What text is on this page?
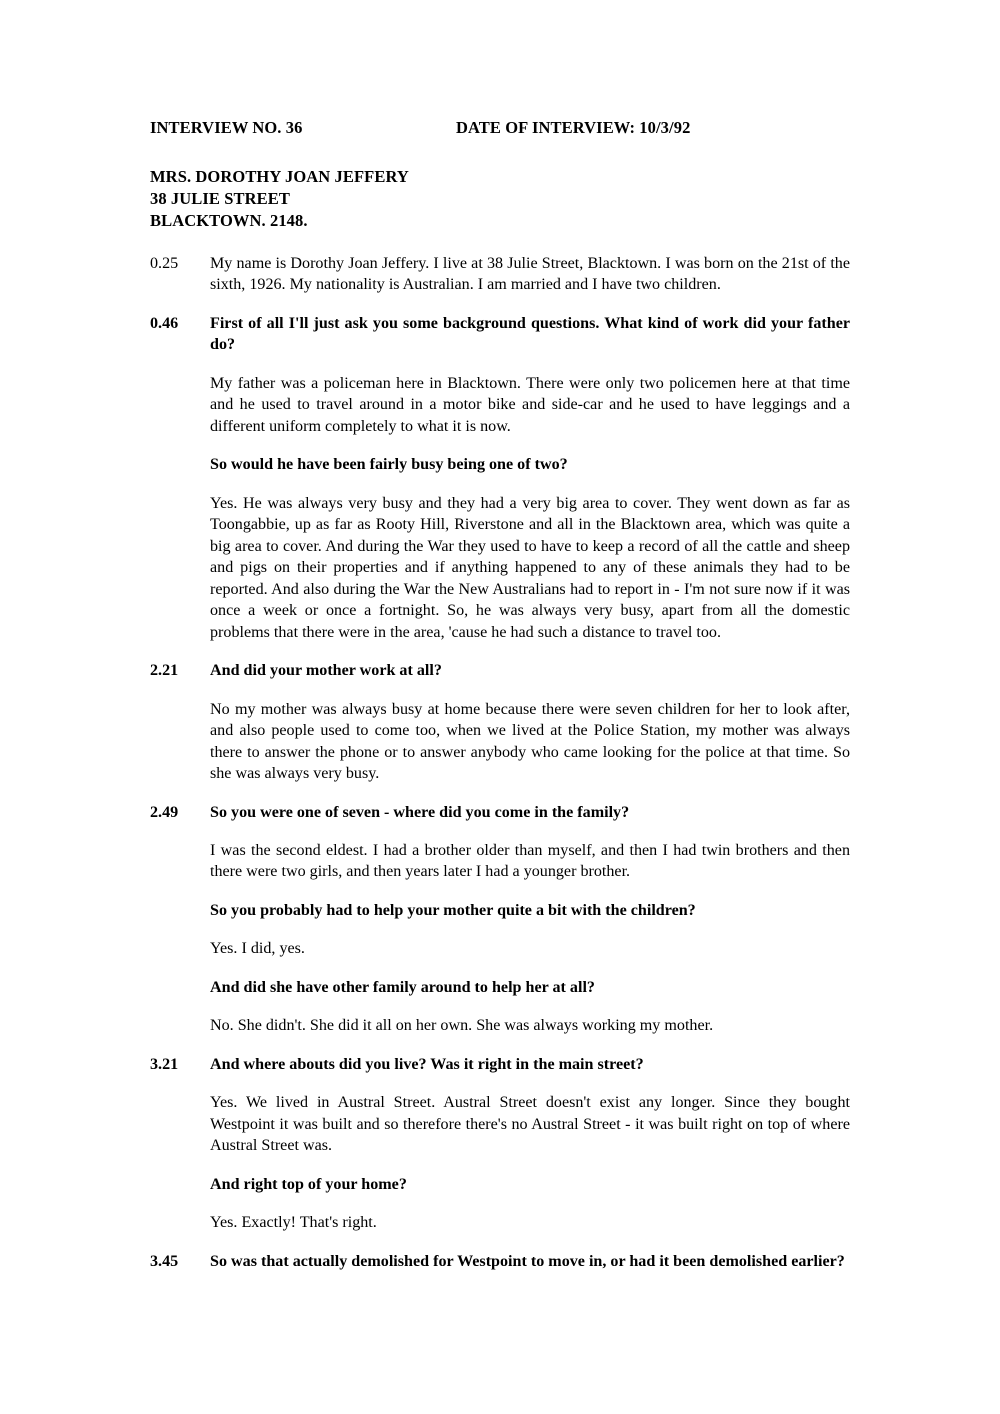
INTERVIEW NO. 36	DATE OF INTERVIEW: 10/3/92
MRS. DOROTHY JOAN JEFFERY
38 JULIE STREET
BLACKTOWN. 2148.
0.25	My name is Dorothy Joan Jeffery. I live at 38 Julie Street, Blacktown. I was born on the 21st of the sixth, 1926. My nationality is Australian. I am married and I have two children.
0.46	First of all I'll just ask you some background questions. What kind of work did your father do?
My father was a policeman here in Blacktown. There were only two policemen here at that time and he used to travel around in a motor bike and side-car and he used to have leggings and a different uniform completely to what it is now.
So would he have been fairly busy being one of two?
Yes. He was always very busy and they had a very big area to cover. They went down as far as Toongabbie, up as far as Rooty Hill, Riverstone and all in the Blacktown area, which was quite a big area to cover. And during the War they used to have to keep a record of all the cattle and sheep and pigs on their properties and if anything happened to any of these animals they had to be reported. And also during the War the New Australians had to report in - I'm not sure now if it was once a week or once a fortnight. So, he was always very busy, apart from all the domestic problems that there were in the area, 'cause he had such a distance to travel too.
2.21	And did your mother work at all?
No my mother was always busy at home because there were seven children for her to look after, and also people used to come too, when we lived at the Police Station, my mother was always there to answer the phone or to answer anybody who came looking for the police at that time. So she was always very busy.
2.49	So you were one of seven - where did you come in the family?
I was the second eldest. I had a brother older than myself, and then I had twin brothers and then there were two girls, and then years later I had a younger brother.
So you probably had to help your mother quite a bit with the children?
Yes. I did, yes.
And did she have other family around to help her at all?
No. She didn't. She did it all on her own. She was always working my mother.
3.21	And where abouts did you live? Was it right in the main street?
Yes. We lived in Austral Street. Austral Street doesn't exist any longer. Since they bought Westpoint it was built and so therefore there's no Austral Street - it was built right on top of where Austral Street was.
And right top of your home?
Yes. Exactly! That's right.
3.45	So was that actually demolished for Westpoint to move in, or had it been demolished earlier?
